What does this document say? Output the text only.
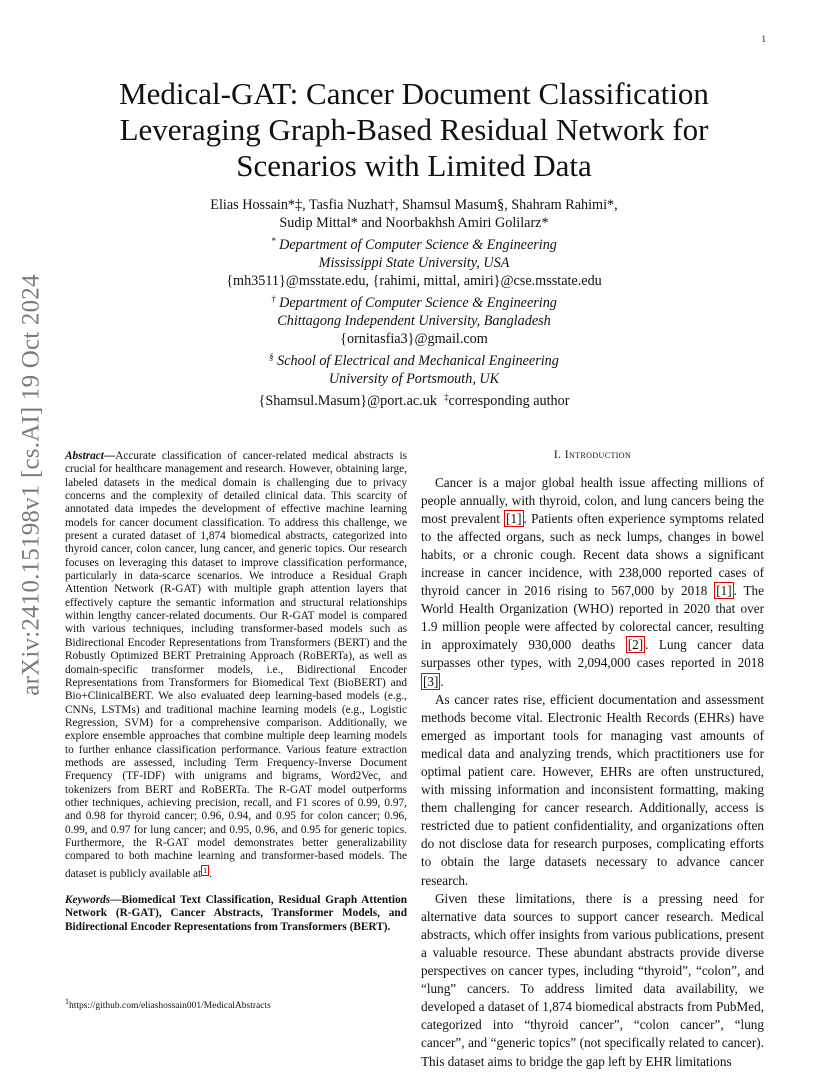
1
arXiv:2410.15198v1 [cs.AI] 19 Oct 2024
Medical-GAT: Cancer Document Classification
Leveraging Graph-Based Residual Network for
Scenarios with Limited Data
Elias Hossain*‡, Tasfia Nuzhat†, Shamsul Masum§, Shahram Rahimi*,
Sudip Mittal* and Noorbakhsh Amiri Golilarz*
* Department of Computer Science & Engineering
Mississippi State University, USA
{mh3511}@msstate.edu, {rahimi, mittal, amiri}@cse.msstate.edu
† Department of Computer Science & Engineering
Chittagong Independent University, Bangladesh
{ornitasfia3}@gmail.com
§ School of Electrical and Mechanical Engineering
University of Portsmouth, UK
{Shamsul.Masum}@port.ac.uk ‡corresponding author

Abstract—Accurate classification of cancer-related medical abstracts is crucial for healthcare management and research. However, obtaining large, labeled datasets in the medical domain is challenging due to privacy concerns and the complexity of detailed clinical data. This scarcity of annotated data impedes the development of effective machine learning models for cancer document classification. To address this challenge, we present a curated dataset of 1,874 biomedical abstracts, categorized into thyroid cancer, colon cancer, lung cancer, and generic topics. Our research focuses on leveraging this dataset to improve classification performance, particularly in data-scarce scenarios. We introduce a Residual Graph Attention Network (R-GAT) with multiple graph attention layers that effectively capture the semantic information and structural relationships within lengthy cancer-related documents. Our R-GAT model is compared with various techniques, including transformer-based models such as Bidirectional Encoder Representations from Transformers (BERT) and the Robustly Optimized BERT Pretraining Approach (RoBERTa), as well as domain-specific transformer models, i.e., Bidirectional Encoder Representations from Transformers for Biomedical Text (BioBERT) and Bio+ClinicalBERT. We also evaluated deep learning-based models (e.g., CNNs, LSTMs) and traditional machine learning models (e.g., Logistic Regression, SVM) for a comprehensive comparison. Additionally, we explore ensemble approaches that combine multiple deep learning models to further enhance classification performance. Various feature extraction methods are assessed, including Term Frequency-Inverse Document Frequency (TF-IDF) with unigrams and bigrams, Word2Vec, and tokenizers from BERT and RoBERTa. The R-GAT model outperforms other techniques, achieving precision, recall, and F1 scores of 0.99, 0.97, and 0.98 for thyroid cancer; 0.96, 0.94, and 0.95 for colon cancer; 0.96, 0.99, and 0.97 for lung cancer; and 0.95, 0.96, and 0.95 for generic topics. Furthermore, the R-GAT model demonstrates better generalizability compared to both machine learning and transformer-based models. The dataset is publicly available at $^1$ .

Keywords—Biomedical Text Classification, Residual Graph Attention Network (R-GAT), Cancer Abstracts, Transformer Models, and Bidirectional Encoder Representations from Transformers (BERT).

$^1$https://github.com/eliashossain001/MedicalAbstracts
I. Introduction

Cancer is a major global health issue affecting millions of people annually, with thyroid, colon, and lung cancers being the most prevalent [1] . Patients often experience symptoms related to the affected organs, such as neck lumps, changes in bowel habits, or a chronic cough. Recent data shows a significant increase in cancer incidence, with 238,000 reported cases of thyroid cancer in 2016 rising to 567,000 by 2018 [1] . The World Health Organization (WHO) reported in 2020 that over 1.9 million people were affected by colorectal cancer, resulting in approximately 930,000 deaths [2] . Lung cancer data surpasses other types, with 2,094,000 cases reported in 2018 [3] .

As cancer rates rise, efficient documentation and assessment methods become vital. Electronic Health Records (EHRs) have emerged as important tools for managing vast amounts of medical data and analyzing trends, which practitioners use for optimal patient care. However, EHRs are often unstructured, with missing information and inconsistent formatting, making them challenging for cancer research. Additionally, access is restricted due to patient confidentiality, and organizations often do not disclose data for research purposes, complicating efforts to obtain the large datasets necessary to advance cancer research.

Given these limitations, there is a pressing need for alternative data sources to support cancer research. Medical abstracts, which offer insights from various publications, present a valuable resource. These abundant abstracts provide diverse perspectives on cancer types, including “thyroid”, “colon”, and “lung” cancers. To address limited data availability, we developed a dataset of 1,874 biomedical abstracts from PubMed, categorized into “thyroid cancer”, “colon cancer”, “lung cancer”, and “generic topics” (not specifically related to cancer). This dataset aims to bridge the gap left by EHR limitations
